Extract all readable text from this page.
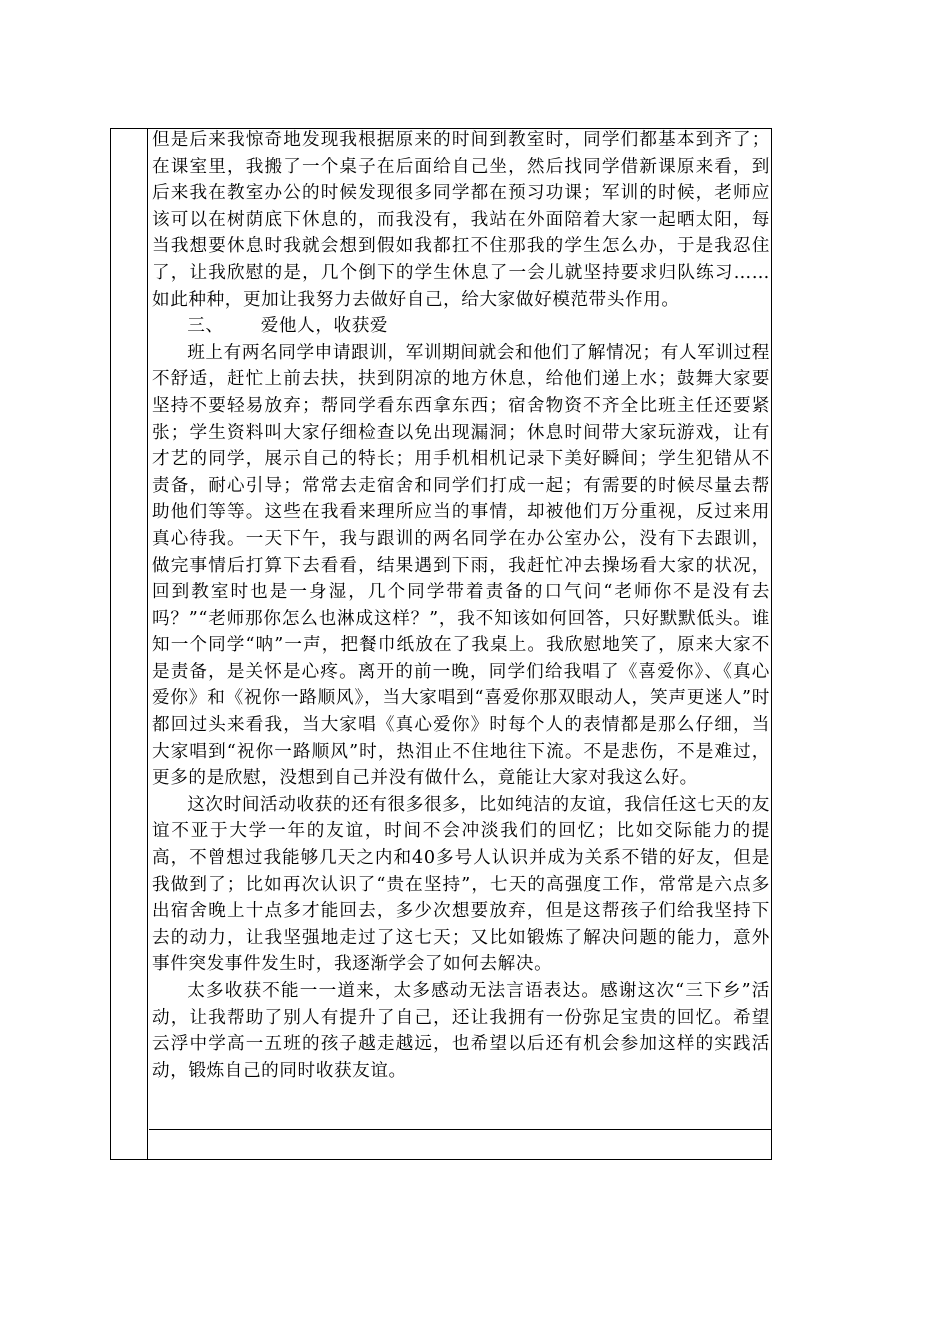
但是后来我惊奇地发现我根据原来的时间到教室时，同学们都基本到齐了；在课室里，我搬了一个桌子在后面给自己坐，然后找同学借新课原来看，到后来我在教室办公的时候发现很多同学都在预习功课；军训的时候，老师应该可以在树荫底下休息的，而我没有，我站在外面陪着大家一起晒太阳，每当我想要休息时我就会想到假如我都扛不住那我的学生怎么办，于是我忍住了，让我欣慰的是，几个倒下的学生休息了一会儿就坚持要求归队练习……如此种种，更加让我努力去做好自己，给大家做好模范带头作用。

三、 爱他人，收获爱

班上有两名同学申请跟训，军训期间就会和他们了解情况；有人军训过程不舒适，赶忙上前去扶，扶到阴凉的地方休息，给他们递上水；鼓舞大家要坚持不要轻易放弃；帮同学看东西拿东西；宿舍物资不齐全比班主任还要紧张；学生资料叫大家仔细检查以免出现漏洞；休息时间带大家玩游戏，让有才艺的同学，展示自己的特长；用手机相机记录下美好瞬间；学生犯错从不责备，耐心引导；常常去走宿舍和同学们打成一起；有需要的时候尽量去帮助他们等等。这些在我看来理所应当的事情，却被他们万分重视，反过来用真心待我。一天下午，我与跟训的两名同学在办公室办公，没有下去跟训，做完事情后打算下去看看，结果遇到下雨，我赶忙冲去操场看大家的状况，回到教室时也是一身湿，几个同学带着责备的口气问“老师你不是没有去吗？”“老师那你怎么也淋成这样？”，我不知该如何回答，只好默默低头。谁知一个同学“呐”一声，把餐巾纸放在了我桌上。我欣慰地笑了，原来大家不是责备，是关怀是心疼。离开的前一晚，同学们给我唱了《喜爱你》、《真心爱你》和《祝你一路顺风》，当大家唱到“喜爱你那双眼动人，笑声更迷人”时都回过头来看我，当大家唱《真心爱你》时每个人的表情都是那么仔细，当大家唱到“祝你一路顺风”时，热泪止不住地往下流。不是悲伤，不是难过，更多的是欣慰，没想到自己并没有做什么，竟能让大家对我这么好。

这次时间活动收获的还有很多很多，比如纯洁的友谊，我信任这七天的友谊不亚于大学一年的友谊，时间不会冲淡我们的回忆；比如交际能力的提高，不曾想过我能够几天之内和40多号人认识并成为关系不错的好友，但是我做到了；比如再次认识了“贵在坚持”，七天的高强度工作，常常是六点多出宿舍晚上十点多才能回去，多少次想要放弃，但是这帮孩子们给我坚持下去的动力，让我坚强地走过了这七天；又比如锻炼了解决问题的能力，意外事件突发事件发生时，我逐渐学会了如何去解决。

太多收获不能一一道来，太多感动无法言语表达。感谢这次“三下乡”活动，让我帮助了别人有提升了自己，还让我拥有一份弥足宝贵的回忆。希望云浮中学高一五班的孩子越走越远，也希望以后还有机会参加这样的实践活动，锻炼自己的同时收获友谊。
